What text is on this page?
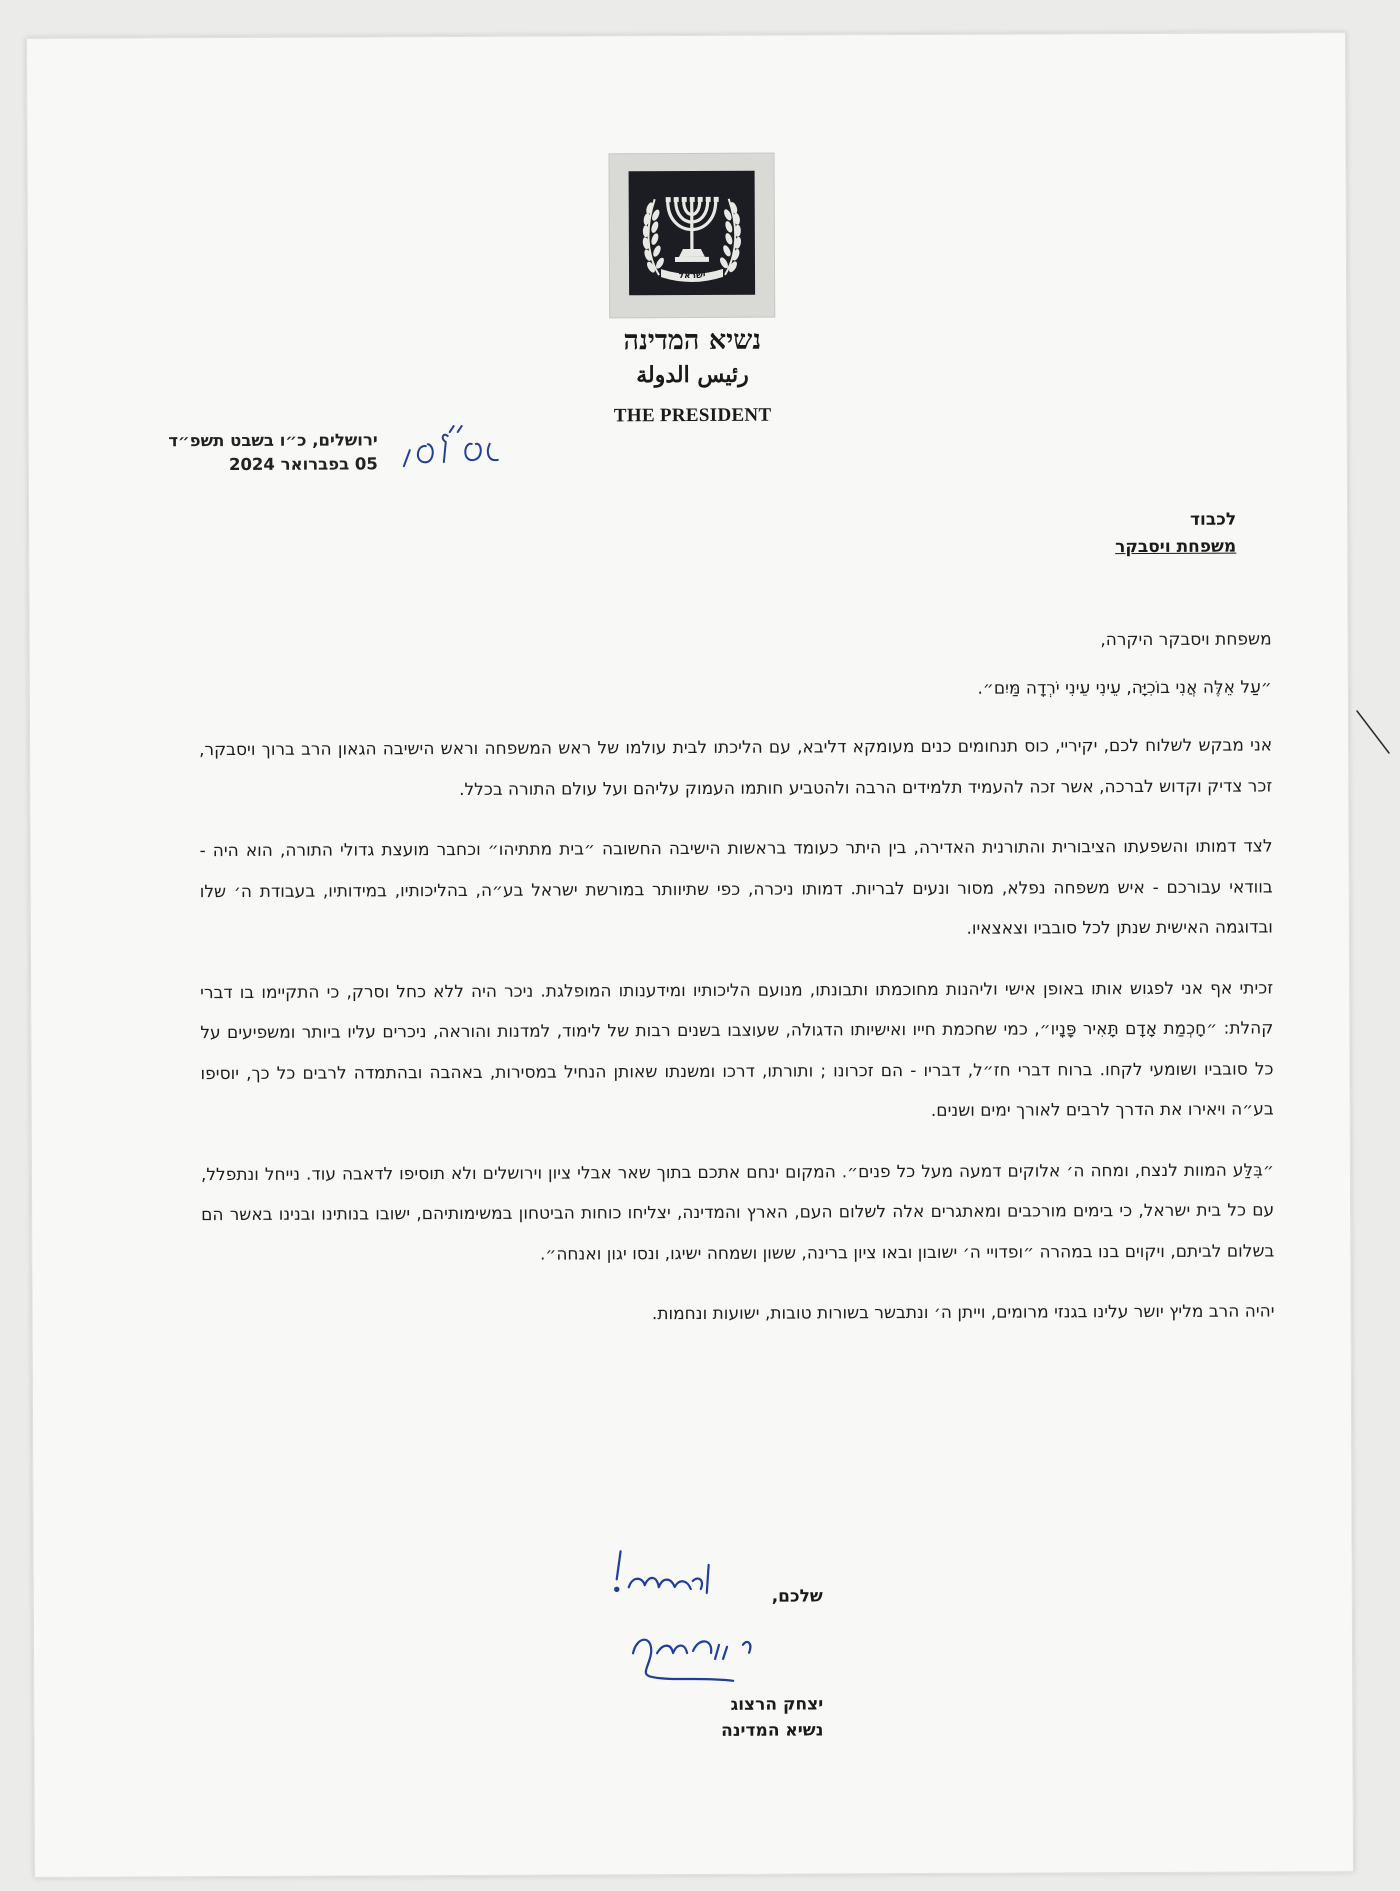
ישראל
נשיא המדינה
رئيس الدولة
THE PRESIDENT
ירושלים, כ״ו בשבט תשפ״ד
05 בפברואר 2024
לכבוד
משפחת ויסבקר

משפחת ויסבקר היקרה,

״עַל אֵלֶּה אֲנִי בוֹכִיָּה, עֵינִי עֵינִי יֹרְדָה מַּיִם״.

אני מבקש לשלוח לכם, יקיריי, כוס תנחומים כנים מעומקא דליבא, עם הליכתו לבית עולמו של ראש המשפחה וראש הישיבה הגאון הרב ברוך ויסבקר, זכר צדיק וקדוש לברכה, אשר זכה להעמיד תלמידים הרבה ולהטביע חותמו העמוק עליהם ועל עולם התורה בכלל.

לצד דמותו והשפעתו הציבורית והתורנית האדירה, בין היתר כעומד בראשות הישיבה החשובה ״בית מתתיהו״ וכחבר מועצת גדולי התורה, הוא היה - בוודאי עבורכם - איש משפחה נפלא, מסור ונעים לבריות. דמותו ניכרה, כפי שתיוותר במורשת ישראל בע״ה, בהליכותיו, במידותיו, בעבודת ה׳ שלו ובדוגמה האישית שנתן לכל סובביו וצאצאיו.

זכיתי אף אני לפגוש אותו באופן אישי וליהנות מחוכמתו ותבונתו, מנועם הליכותיו ומידענותו המופלגת. ניכר היה ללא כחל וסרק, כי התקיימו בו דברי קהלת: ״חָכְמַת אָדָם תָּאִיר פָּנָיו״, כמי שחכמת חייו ואישיותו הדגולה, שעוצבו בשנים רבות של לימוד, למדנות והוראה, ניכרים עליו ביותר ומשפיעים על כל סובביו ושומעי לקחו. ברוח דברי חז״ל, דבריו - הם זכרונו ; ותורתו, דרכו ומשנתו שאותן הנחיל במסירות, באהבה ובהתמדה לרבים כל כך, יוסיפו בע״ה ויאירו את הדרך לרבים לאורך ימים ושנים.

״בִּלַּע המוות לנצח, ומחה ה׳ אלוקים דמעה מעל כל פנים״. המקום ינחם אתכם בתוך שאר אבלי ציון וירושלים ולא תוסיפו לדאבה עוד. נייחל ונתפלל, עם כל בית ישראל, כי בימים מורכבים ומאתגרים אלה לשלום העם, הארץ והמדינה, יצליחו כוחות הביטחון במשימותיהם, ישובו בנותינו ובנינו באשר הם בשלום לביתם, ויקוים בנו במהרה ״ופדויי ה׳ ישובון ובאו ציון ברינה, ששון ושמחה ישיגו, ונסו יגון ואנחה״.

יהיה הרב מליץ יושר עלינו בגנזי מרומים, וייתן ה׳ ונתבשר בשורות טובות, ישועות ונחמות.

שלכם,
יצחק הרצוג
נשיא המדינה
